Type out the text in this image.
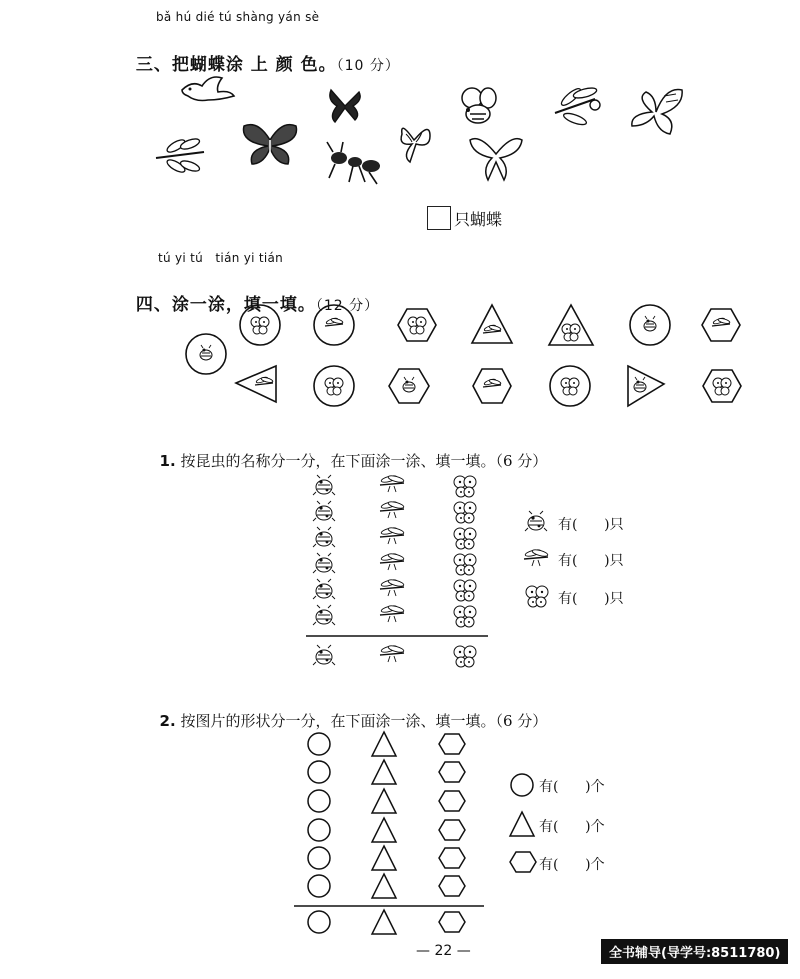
bǎ hú dié tú shàng yán sè

三、把蝴蝶涂 上 颜 色。（10 分）

只蝴蝶
tú yi tú   tián yi tián

四、涂一涂，填一填。（12 分）

1. 按昆虫的名称分一分，在下面涂一涂、填一填。（6 分）

有(      )只
有(      )只
有(      )只

2. 按图片的形状分一分，在下面涂一涂、填一填。（6 分）

有(      )个
有(      )个
有(      )个
— 22 —	全书辅导(导学号:8511780)
